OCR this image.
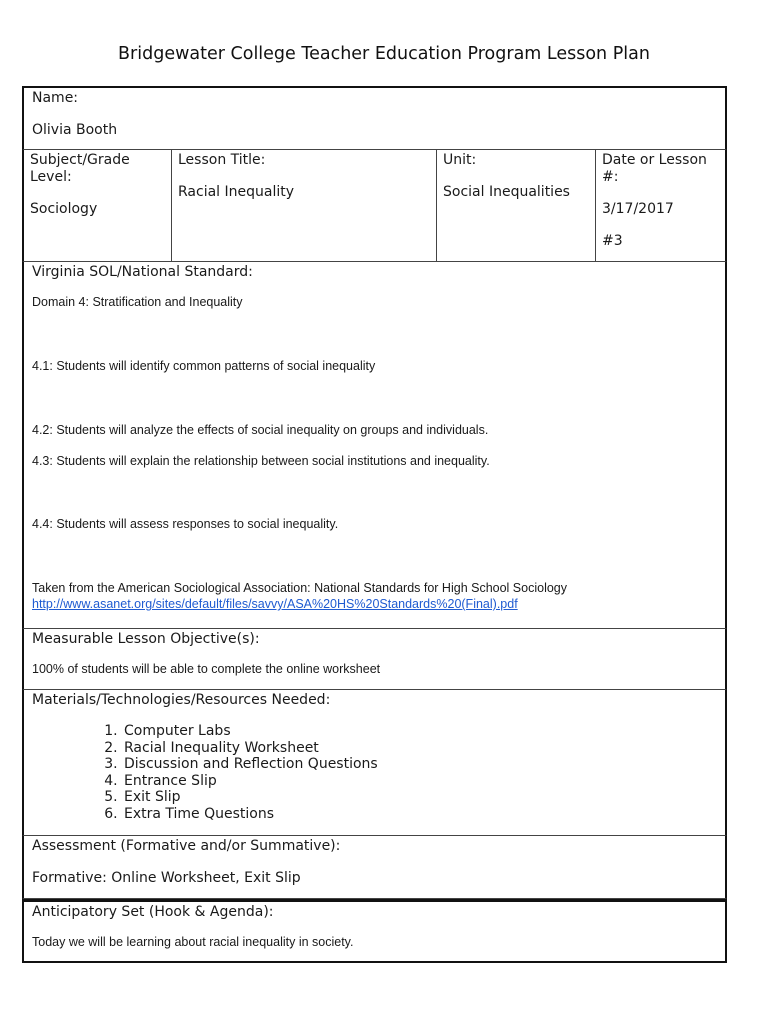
Bridgewater College Teacher Education Program Lesson Plan
Name:
Olivia Booth
Subject/Grade Level:
Sociology
Lesson Title:
Racial Inequality
Unit:
Social Inequalities
Date or Lesson #:
3/17/2017
#3
Virginia SOL/National Standard:
Domain 4: Stratification and Inequality
4.1: Students will identify common patterns of social inequality
4.2: Students will analyze the effects of social inequality on groups and individuals.
4.3: Students will explain the relationship between social institutions and inequality.
4.4: Students will assess responses to social inequality.
Taken from the American Sociological Association: National Standards for High School Sociology
http://www.asanet.org/sites/default/files/savvy/ASA%20HS%20Standards%20(Final).pdf
Measurable Lesson Objective(s):
100% of students will be able to complete the online worksheet
Materials/Technologies/Resources Needed:
1. Computer Labs
2. Racial Inequality Worksheet
3. Discussion and Reflection Questions
4. Entrance Slip
5. Exit Slip
6. Extra Time Questions
Assessment (Formative and/or Summative):
Formative: Online Worksheet, Exit Slip
Anticipatory Set (Hook & Agenda):
Today we will be learning about racial inequality in society.
